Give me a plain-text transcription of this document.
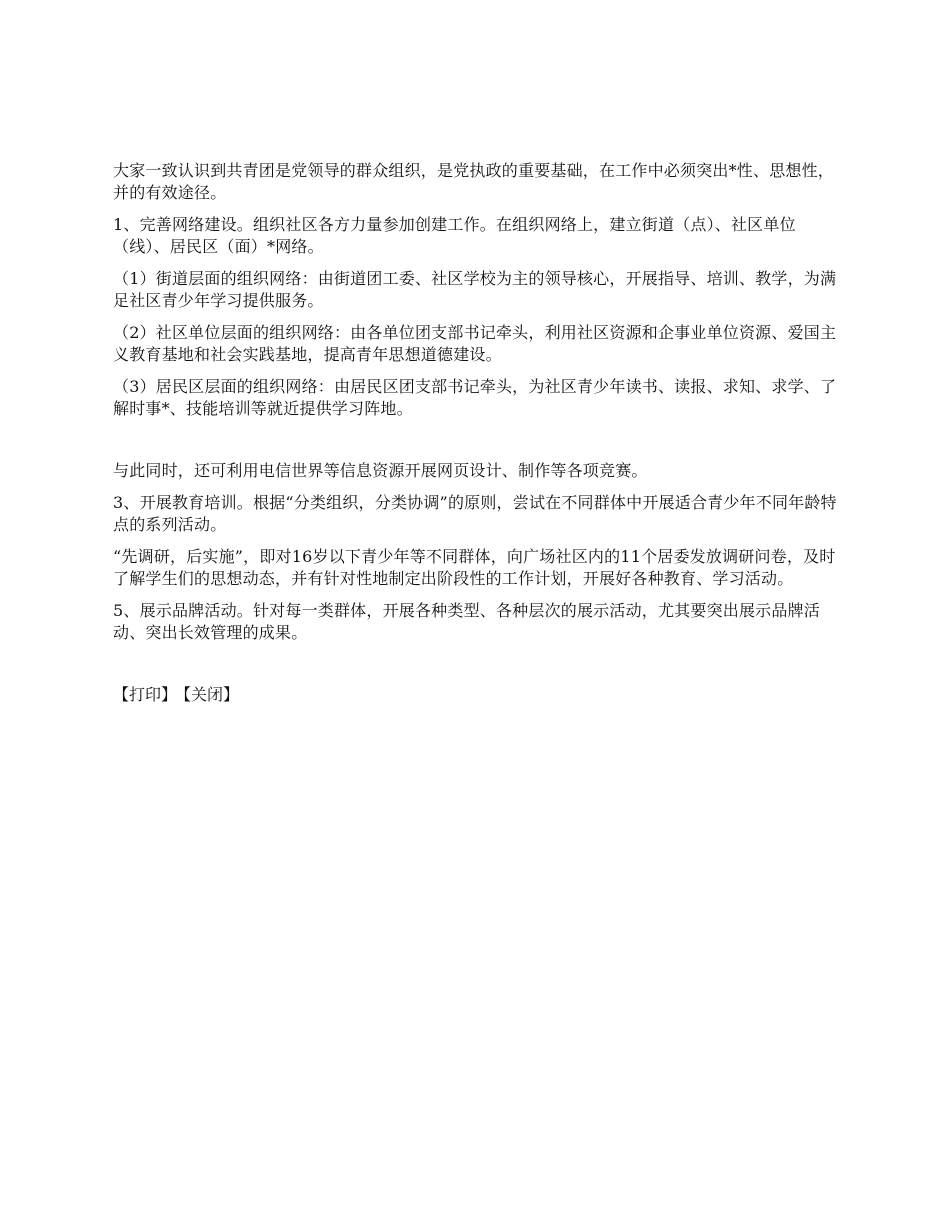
大家一致认识到共青团是党领导的群众组织，是党执政的重要基础，在工作中必须突出*性、思想性，并的有效途径。

1、完善网络建设。组织社区各方力量参加创建工作。在组织网络上，建立街道（点）、社区单位（线）、居民区（面）*网络。

（1）街道层面的组织网络：由街道团工委、社区学校为主的领导核心，开展指导、培训、教学，为满足社区青少年学习提供服务。

（2）社区单位层面的组织网络：由各单位团支部书记牵头，利用社区资源和企事业单位资源、爱国主义教育基地和社会实践基地，提高青年思想道德建设。

（3）居民区层面的组织网络：由居民区团支部书记牵头，为社区青少年读书、读报、求知、求学、了解时事*、技能培训等就近提供学习阵地。

与此同时，还可利用电信世界等信息资源开展网页设计、制作等各项竞赛。

3、开展教育培训。根据“分类组织，分类协调”的原则，尝试在不同群体中开展适合青少年不同年龄特点的系列活动。

“先调研，后实施”，即对16岁以下青少年等不同群体，向广场社区内的11个居委发放调研问卷，及时了解学生们的思想动态，并有针对性地制定出阶段性的工作计划，开展好各种教育、学习活动。

5、展示品牌活动。针对每一类群体，开展各种类型、各种层次的展示活动，尤其要突出展示品牌活动、突出长效管理的成果。

【打印】 【关闭】
